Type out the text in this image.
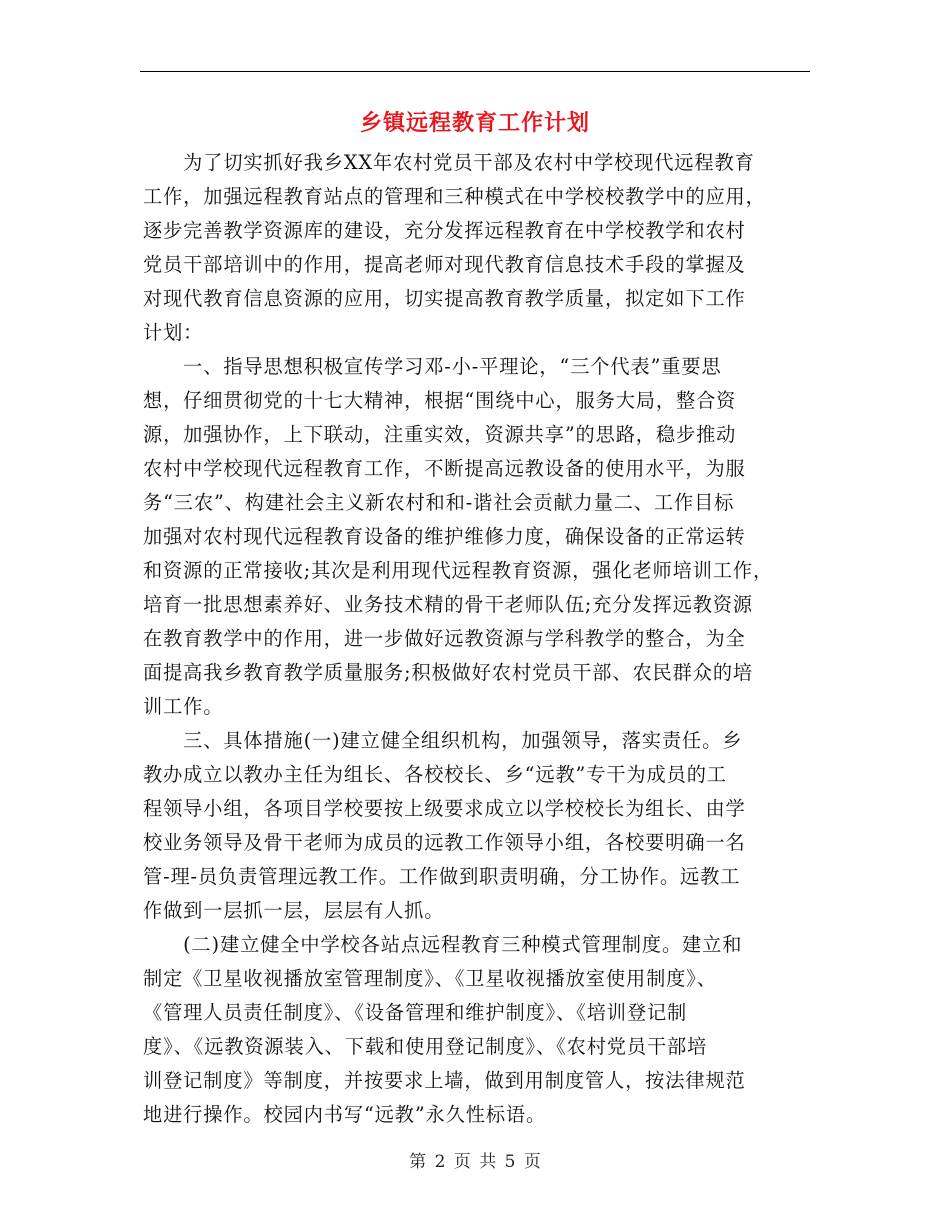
乡镇远程教育工作计划

　　为了切实抓好我乡XX年农村党员干部及农村中学校现代远程教育

工作，加强远程教育站点的管理和三种模式在中学校校教学中的应用，

逐步完善教学资源库的建设，充分发挥远程教育在中学校教学和农村

党员干部培训中的作用，提高老师对现代教育信息技术手段的掌握及

对现代教育信息资源的应用，切实提高教育教学质量，拟定如下工作

计划：

　　一、指导思想积极宣传学习邓-小-平理论，“三个代表”重要思

想，仔细贯彻党的十七大精神，根据“围绕中心，服务大局，整合资

源，加强协作，上下联动，注重实效，资源共享”的思路，稳步推动

农村中学校现代远程教育工作，不断提高远教设备的使用水平，为服

务“三农”、构建社会主义新农村和和-谐社会贡献力量二、工作目标

加强对农村现代远程教育设备的维护维修力度，确保设备的正常运转

和资源的正常接收;其次是利用现代远程教育资源，强化老师培训工作，

培育一批思想素养好、业务技术精的骨干老师队伍;充分发挥远教资源

在教育教学中的作用，进一步做好远教资源与学科教学的整合，为全

面提高我乡教育教学质量服务;积极做好农村党员干部、农民群众的培

训工作。

　　三、具体措施(一)建立健全组织机构，加强领导，落实责任。乡

教办成立以教办主任为组长、各校校长、乡“远教”专干为成员的工

程领导小组，各项目学校要按上级要求成立以学校校长为组长、由学

校业务领导及骨干老师为成员的远教工作领导小组，各校要明确一名

管-理-员负责管理远教工作。工作做到职责明确，分工协作。远教工

作做到一层抓一层，层层有人抓。

　　(二)建立健全中学校各站点远程教育三种模式管理制度。建立和

制定《卫星收视播放室管理制度》、《卫星收视播放室使用制度》、

《管理人员责任制度》、《设备管理和维护制度》、《培训登记制

度》、《远教资源装入、下载和使用登记制度》、《农村党员干部培

训登记制度》等制度，并按要求上墙，做到用制度管人，按法律规范

地进行操作。校园内书写“远教”永久性标语。

第 2 页 共 5 页
